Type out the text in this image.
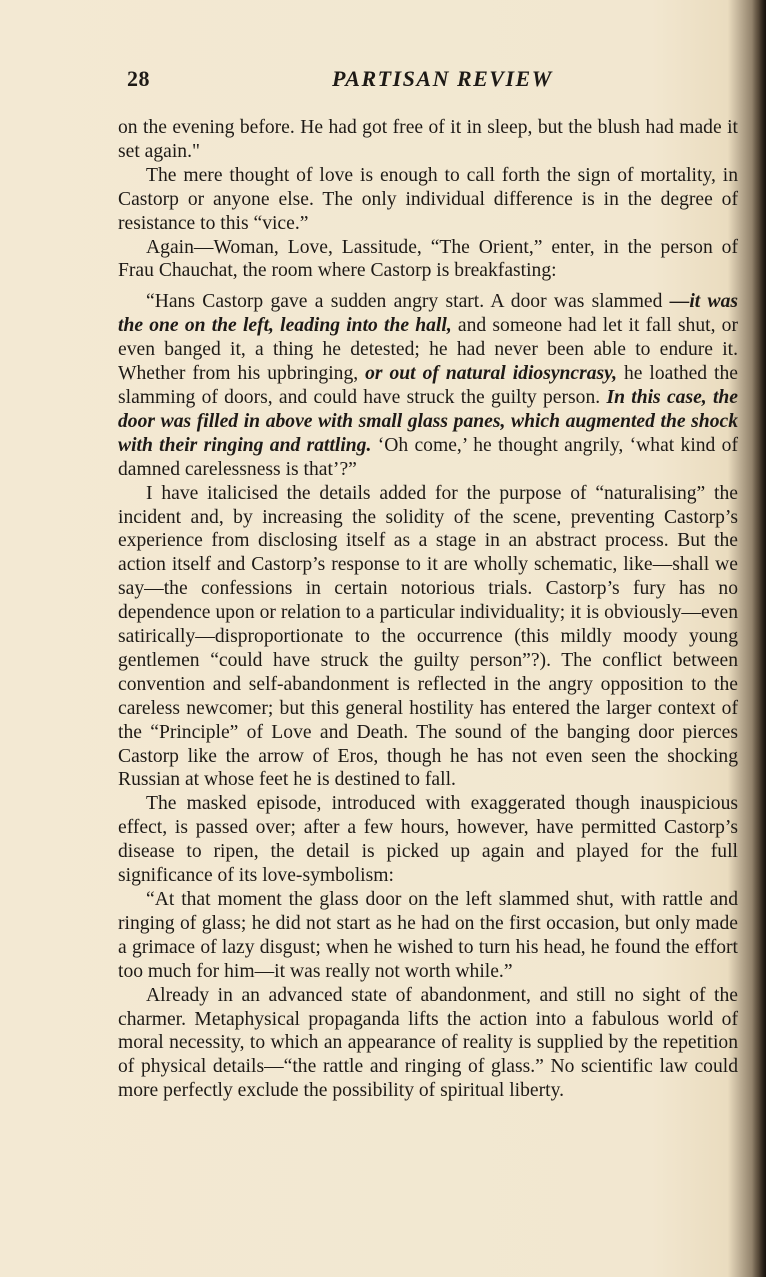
28	PARTISAN REVIEW

on the evening before. He had got free of it in sleep, but the blush had made it set again."

The mere thought of love is enough to call forth the sign of mortality, in Castorp or anyone else. The only individual difference is in the degree of resistance to this “vice.”

Again—Woman, Love, Lassitude, “The Orient,” enter, in the person of Frau Chauchat, the room where Castorp is breakfasting:

“Hans Castorp gave a sudden angry start. A door was slammed —it was the one on the left, leading into the hall, and someone had let it fall shut, or even banged it, a thing he detested; he had never been able to endure it. Whether from his upbringing, or out of natural idiosyncrasy, he loathed the slamming of doors, and could have struck the guilty person. In this case, the door was filled in above with small glass panes, which augmented the shock with their ringing and rattling. ‘Oh come,’ he thought angrily, ‘what kind of damned carelessness is that’?”

I have italicised the details added for the purpose of “naturalising” the incident and, by increasing the solidity of the scene, preventing Castorp’s experience from disclosing itself as a stage in an abstract process. But the action itself and Castorp’s response to it are wholly schematic, like—shall we say—the confessions in certain notorious trials. Castorp’s fury has no dependence upon or relation to a particular individuality; it is obviously—even satirically—disproportionate to the occurrence (this mildly moody young gentlemen “could have struck the guilty person”?). The conflict between convention and self-abandonment is reflected in the angry opposition to the careless newcomer; but this general hostility has entered the larger context of the “Principle” of Love and Death. The sound of the banging door pierces Castorp like the arrow of Eros, though he has not even seen the shocking Russian at whose feet he is destined to fall.

The masked episode, introduced with exaggerated though inauspicious effect, is passed over; after a few hours, however, have permitted Castorp’s disease to ripen, the detail is picked up again and played for the full significance of its love-symbolism:

“At that moment the glass door on the left slammed shut, with rattle and ringing of glass; he did not start as he had on the first occasion, but only made a grimace of lazy disgust; when he wished to turn his head, he found the effort too much for him—it was really not worth while.”

Already in an advanced state of abandonment, and still no sight of the charmer. Metaphysical propaganda lifts the action into a fabulous world of moral necessity, to which an appearance of reality is supplied by the repetition of physical details—“the rattle and ringing of glass.” No scientific law could more perfectly exclude the possibility of spiritual liberty.
